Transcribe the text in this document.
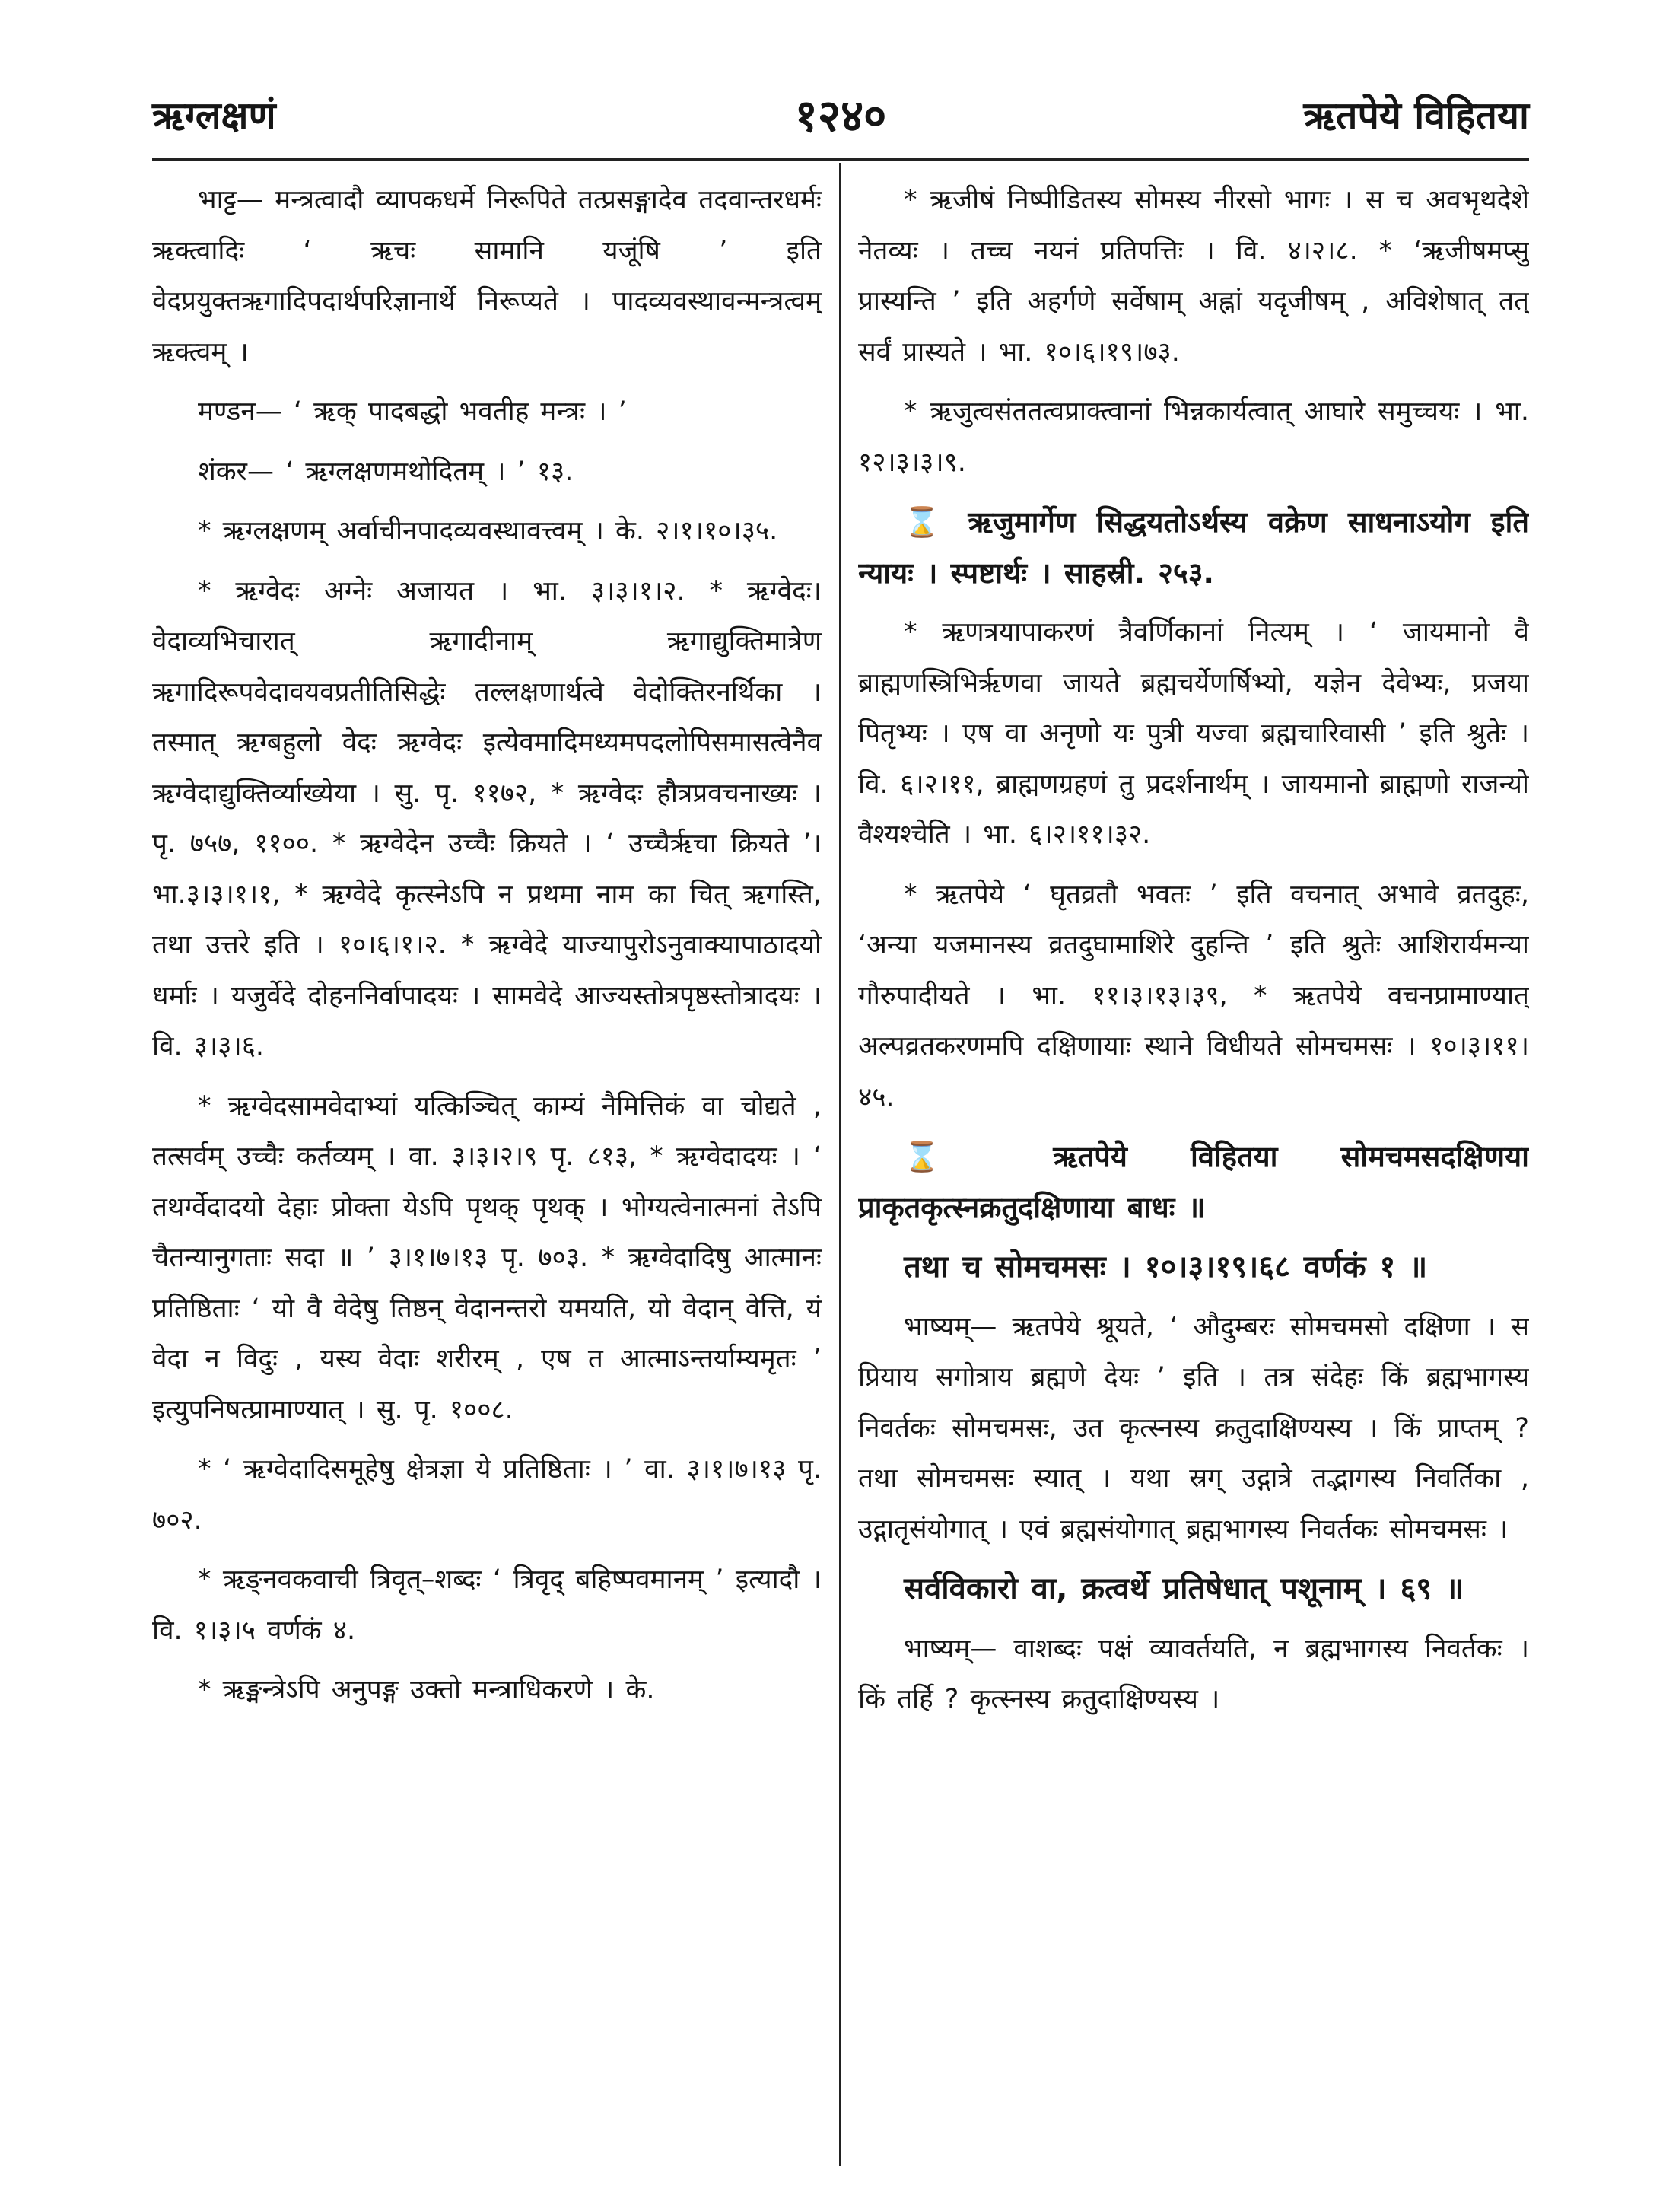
१२४०
ऋग्लक्षणं	ऋतपेये विहितया

भाट्ट— मन्त्रत्वादौ व्यापकधर्मे निरूपिते तत्प्रसङ्गादेव तदवान्तरधर्मः ऋक्त्वादिः ‘ ऋचः सामानि यजूंषि ’ इति वेदप्रयुक्तऋगादिपदार्थपरिज्ञानार्थे निरूप्यते । पादव्यवस्थावन्मन्त्रत्वम् ऋक्त्वम् ।

मण्डन— ‘ ऋक् पादबद्धो भवतीह मन्त्रः । ’

शंकर— ‘ ऋग्लक्षणमथोदितम् । ’ १३.

* ऋग्लक्षणम् अर्वाचीनपादव्यवस्थावत्त्वम् । के. २।१।१०।३५.

* ऋग्वेदः अग्नेः अजायत । भा. ३।३।१।२. * ऋग्वेदः। वेदाव्यभिचारात् ऋगादीनाम् ऋगाद्युक्तिमात्रेण ऋगादिरूपवेदावयवप्रतीतिसिद्धेः तल्लक्षणार्थत्वे वेदोक्तिरनर्थिका । तस्मात् ऋग्बहुलो वेदः ऋग्वेदः इत्येवमादिमध्यमपदलोपिसमासत्वेनैव ऋग्वेदाद्युक्तिर्व्याख्येया । सु. पृ. ११७२, * ऋग्वेदः हौत्रप्रवचनाख्यः । पृ. ७५७, ११००. * ऋग्वेदेन उच्चैः क्रियते । ‘ उच्चैर्ऋचा क्रियते ’। भा.३।३।१।१, * ऋग्वेदे कृत्स्नेऽपि न प्रथमा नाम का चित् ऋगस्ति, तथा उत्तरे इति । १०।६।१।२. * ऋग्वेदे याज्यापुरोऽनुवाक्यापाठादयो धर्माः । यजुर्वेदे दोहननिर्वापादयः । सामवेदे आज्यस्तोत्रपृष्ठस्तोत्रादयः । वि. ३।३।६.

* ऋग्वेदसामवेदाभ्यां यत्किञ्चित् काम्यं नैमित्तिकं वा चोद्यते , तत्सर्वम् उच्चैः कर्तव्यम् । वा. ३।३।२।९ पृ. ८१३, * ऋग्वेदादयः । ‘ तथर्ग्वेदादयो देहाः प्रोक्ता येऽपि पृथक् पृथक् । भोग्यत्वेनात्मनां तेऽपि चैतन्यानुगताः सदा ॥ ’ ३।१।७।१३ पृ. ७०३. * ऋग्वेदादिषु आत्मानः प्रतिष्ठिताः ‘ यो वै वेदेषु तिष्ठन् वेदानन्तरो यमयति, यो वेदान् वेत्ति, यं वेदा न विदुः , यस्य वेदाः शरीरम् , एष त आत्माऽन्तर्याम्यमृतः ’ इत्युपनिषत्प्रामाण्यात् । सु. पृ. १००८.

* ‘ ऋग्वेदादिसमूहेषु क्षेत्रज्ञा ये प्रतिष्ठिताः । ’ वा. ३।१।७।१३ पृ. ७०२.

* ऋङ्नवकवाची त्रिवृत्–शब्दः ‘ त्रिवृद् बहिष्पवमानम् ’ इत्यादौ । वि. १।३।५ वर्णकं ४.

* ऋङ्मन्त्रेऽपि अनुपङ्ग उक्तो मन्त्राधिकरणे । के.

* ऋजीषं निष्पीडितस्य सोमस्य नीरसो भागः । स च अवभृथदेशे नेतव्यः । तच्च नयनं प्रतिपत्तिः । वि. ४।२।८. * ‘ऋजीषमप्सु प्रास्यन्ति ’ इति अहर्गणे सर्वेषाम् अह्नां यदृजीषम् , अविशेषात् तत् सर्वं प्रास्यते । भा. १०।६।१९।७३.

* ऋजुत्वसंततत्वप्राक्त्वानां भिन्नकार्यत्वात् आघारे समुच्चयः । भा. १२।३।३।९.

⌛ ऋजुमार्गेण सिद्धयतोऽर्थस्य वक्रेण साधनाऽयोग इति न्यायः । स्पष्टार्थः । साहस्री. २५३.

* ऋणत्रयापाकरणं त्रैवर्णिकानां नित्यम् । ‘ जायमानो वै ब्राह्मणस्त्रिभिर्ऋणवा जायते ब्रह्मचर्येणर्षिभ्यो, यज्ञेन देवेभ्यः, प्रजया पितृभ्यः । एष वा अनृणो यः पुत्री यज्वा ब्रह्मचारिवासी ’ इति श्रुतेः । वि. ६।२।११, ब्राह्मणग्रहणं तु प्रदर्शनार्थम् । जायमानो ब्राह्मणो राजन्यो वैश्यश्चेति । भा. ६।२।११।३२.

* ऋतपेये ‘ घृतव्रतौ भवतः ’ इति वचनात् अभावे व्रतदुहः, ‘अन्या यजमानस्य व्रतदुघामाशिरे दुहन्ति ’ इति श्रुतेः आशिरार्यमन्या गौरुपादीयते । भा. ११।३।१३।३९, * ऋतपेये वचनप्रामाण्यात् अल्पव्रतकरणमपि दक्षिणायाः स्थाने विधीयते सोमचमसः । १०।३।११।४५.

⌛ ऋतपेये विहितया सोमचमसदक्षिणया प्राकृतकृत्स्नक्रतुदक्षिणाया बाधः ॥

तथा च सोमचमसः । १०।३।१९।६८ वर्णकं १ ॥

भाष्यम्— ऋतपेये श्रूयते, ‘ औदुम्बरः सोमचमसो दक्षिणा । स प्रियाय सगोत्राय ब्रह्मणे देयः ’ इति । तत्र संदेहः किं ब्रह्मभागस्य निवर्तकः सोमचमसः, उत कृत्स्नस्य क्रतुदाक्षिण्यस्य । किं प्राप्तम् ? तथा सोमचमसः स्यात् । यथा स्रग् उद्गात्रे तद्भागस्य निवर्तिका , उद्गातृसंयोगात् । एवं ब्रह्मसंयोगात् ब्रह्मभागस्य निवर्तकः सोमचमसः ।

सर्वविकारो वा, क्रत्वर्थे प्रतिषेधात् पशूनाम् । ६९ ॥

भाष्यम्— वाशब्दः पक्षं व्यावर्तयति, न ब्रह्मभागस्य निवर्तकः । किं तर्हि ? कृत्स्नस्य क्रतुदाक्षिण्यस्य ।
